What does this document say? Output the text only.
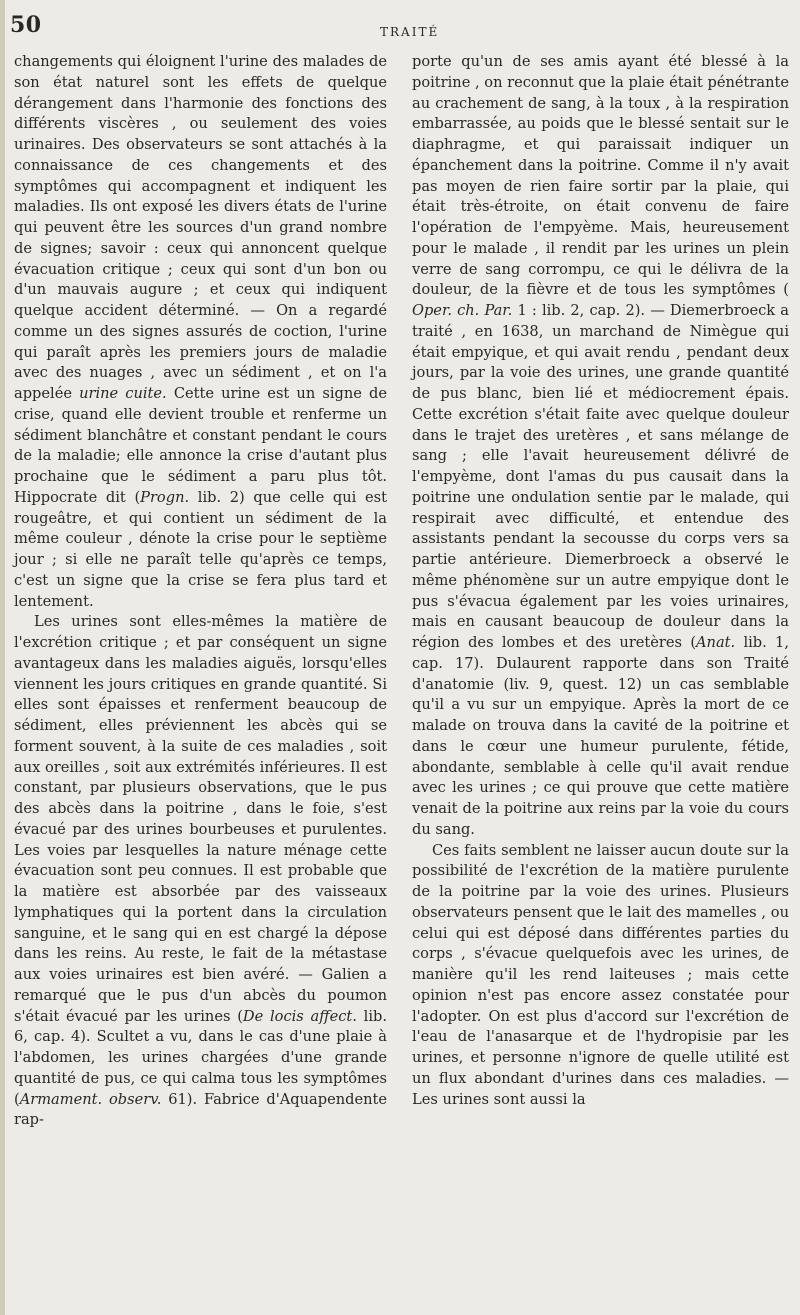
50	TRAITÉ

changements qui éloignent l'urine des malades de son état naturel sont les effets de quelque dérangement dans l'harmonie des fonctions des différents viscères , ou seulement des voies urinaires. Des observateurs se sont attachés à la connaissance de ces changements et des symptômes qui accompagnent et indiquent les maladies. Ils ont exposé les divers états de l'urine qui peuvent être les sources d'un grand nombre de signes; savoir : ceux qui annoncent quelque évacuation critique ; ceux qui sont d'un bon ou d'un mauvais augure ; et ceux qui indiquent quelque accident déterminé. — On a regardé comme un des signes assurés de coction, l'urine qui paraît après les premiers jours de maladie avec des nuages , avec un sédiment , et on l'a appelée urine cuite. Cette urine est un signe de crise, quand elle devient trouble et renferme un sédiment blanchâtre et constant pendant le cours de la maladie; elle annonce la crise d'autant plus prochaine que le sédiment a paru plus tôt. Hippocrate dit (Progn. lib. 2) que celle qui est rougeâtre, et qui contient un sédiment de la même couleur , dénote la crise pour le septième jour ; si elle ne paraît telle qu'après ce temps, c'est un signe que la crise se fera plus tard et lentement.

Les urines sont elles-mêmes la matière de l'excrétion critique ; et par conséquent un signe avantageux dans les maladies aiguës, lorsqu'elles viennent les jours critiques en grande quantité. Si elles sont épaisses et renferment beaucoup de sédiment, elles préviennent les abcès qui se forment souvent, à la suite de ces maladies , soit aux oreilles , soit aux extrémités inférieures. Il est constant, par plusieurs observations, que le pus des abcès dans la poitrine , dans le foie, s'est évacué par des urines bourbeuses et purulentes. Les voies par lesquelles la nature ménage cette évacuation sont peu connues. Il est probable que la matière est absorbée par des vaisseaux lymphatiques qui la portent dans la circulation sanguine, et le sang qui en est chargé la dépose dans les reins. Au reste, le fait de la métastase aux voies urinaires est bien avéré. — Galien a remarqué que le pus d'un abcès du poumon s'était évacué par les urines (De locis affect. lib. 6, cap. 4). Scultet a vu, dans le cas d'une plaie à l'abdomen, les urines chargées d'une grande quantité de pus, ce qui calma tous les symptômes (Armament. observ. 61). Fabrice d'Aquapendente rap-

porte qu'un de ses amis ayant été blessé à la poitrine , on reconnut que la plaie était pénétrante au crachement de sang, à la toux , à la respiration embarrassée, au poids que le blessé sentait sur le diaphragme, et qui paraissait indiquer un épanchement dans la poitrine. Comme il n'y avait pas moyen de rien faire sortir par la plaie, qui était très-étroite, on était convenu de faire l'opération de l'empyème. Mais, heureusement pour le malade , il rendit par les urines un plein verre de sang corrompu, ce qui le délivra de la douleur, de la fièvre et de tous les symptômes ( Oper. ch. Par. 1 : lib. 2, cap. 2). — Diemerbroeck a traité , en 1638, un marchand de Nimègue qui était empyique, et qui avait rendu , pendant deux jours, par la voie des urines, une grande quantité de pus blanc, bien lié et médiocrement épais. Cette excrétion s'était faite avec quelque douleur dans le trajet des uretères , et sans mélange de sang ; elle l'avait heureusement délivré de l'empyème, dont l'amas du pus causait dans la poitrine une ondulation sentie par le malade, qui respirait avec difficulté, et entendue des assistants pendant la secousse du corps vers sa partie antérieure. Diemerbroeck a observé le même phénomène sur un autre empyique dont le pus s'évacua également par les voies urinaires, mais en causant beaucoup de douleur dans la région des lombes et des uretères (Anat. lib. 1, cap. 17). Dulaurent rapporte dans son Traité d'anatomie (liv. 9, quest. 12) un cas semblable qu'il a vu sur un empyique. Après la mort de ce malade on trouva dans la cavité de la poitrine et dans le cœur une humeur purulente, fétide, abondante, semblable à celle qu'il avait rendue avec les urines ; ce qui prouve que cette matière venait de la poitrine aux reins par la voie du cours du sang.

Ces faits semblent ne laisser aucun doute sur la possibilité de l'excrétion de la matière purulente de la poitrine par la voie des urines. Plusieurs observateurs pensent que le lait des mamelles , ou celui qui est déposé dans différentes parties du corps , s'évacue quelquefois avec les urines, de manière qu'il les rend laiteuses ; mais cette opinion n'est pas encore assez constatée pour l'adopter. On est plus d'accord sur l'excrétion de l'eau de l'anasarque et de l'hydropisie par les urines, et personne n'ignore de quelle utilité est un flux abondant d'urines dans ces maladies. — Les urines sont aussi la
